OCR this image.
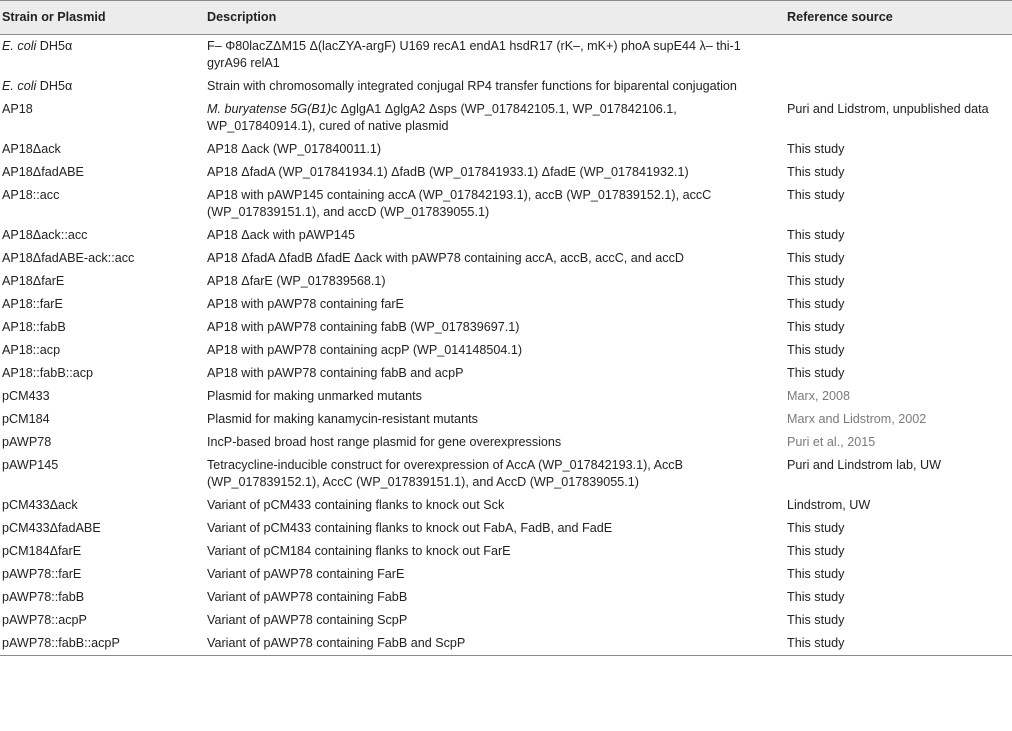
Strain or Plasmid	Description	Reference source
E. coli DH5α	F– Φ80lacZΔM15 Δ(lacZYA-argF) U169 recA1 endA1 hsdR17 (rK–, mK+) phoA supE44 λ– thi-1 gyrA96 relA1	
E. coli DH5α	Strain with chromosomally integrated conjugal RP4 transfer functions for biparental conjugation	
AP18	M. buryatense 5G(B1)c ΔglgA1 ΔglgA2 Δsps (WP_017842105.1, WP_017842106.1, WP_017840914.1), cured of native plasmid	Puri and Lidstrom, unpublished data
AP18Δack	AP18 Δack (WP_017840011.1)	This study
AP18ΔfadABE	AP18 ΔfadA (WP_017841934.1) ΔfadB (WP_017841933.1) ΔfadE (WP_017841932.1)	This study
AP18::acc	AP18 with pAWP145 containing accA (WP_017842193.1), accB (WP_017839152.1), accC (WP_017839151.1), and accD (WP_017839055.1)	This study
AP18Δack::acc	AP18 Δack with pAWP145	This study
AP18ΔfadABE-ack::acc	AP18 ΔfadA ΔfadB ΔfadE Δack with pAWP78 containing accA, accB, accC, and accD	This study
AP18ΔfarE	AP18 ΔfarE (WP_017839568.1)	This study
AP18::farE	AP18 with pAWP78 containing farE	This study
AP18::fabB	AP18 with pAWP78 containing fabB (WP_017839697.1)	This study
AP18::acp	AP18 with pAWP78 containing acpP (WP_014148504.1)	This study
AP18::fabB::acp	AP18 with pAWP78 containing fabB and acpP	This study
pCM433	Plasmid for making unmarked mutants	Marx, 2008
pCM184	Plasmid for making kanamycin-resistant mutants	Marx and Lidstrom, 2002
pAWP78	IncP-based broad host range plasmid for gene overexpressions	Puri et al., 2015
pAWP145	Tetracycline-inducible construct for overexpression of AccA (WP_017842193.1), AccB (WP_017839152.1), AccC (WP_017839151.1), and AccD (WP_017839055.1)	Puri and Lindstrom lab, UW
pCM433Δack	Variant of pCM433 containing flanks to knock out Sck	Lindstrom, UW
pCM433ΔfadABE	Variant of pCM433 containing flanks to knock out FabA, FadB, and FadE	This study
pCM184ΔfarE	Variant of pCM184 containing flanks to knock out FarE	This study
pAWP78::farE	Variant of pAWP78 containing FarE	This study
pAWP78::fabB	Variant of pAWP78 containing FabB	This study
pAWP78::acpP	Variant of pAWP78 containing ScpP	This study
pAWP78::fabB::acpP	Variant of pAWP78 containing FabB and ScpP	This study
